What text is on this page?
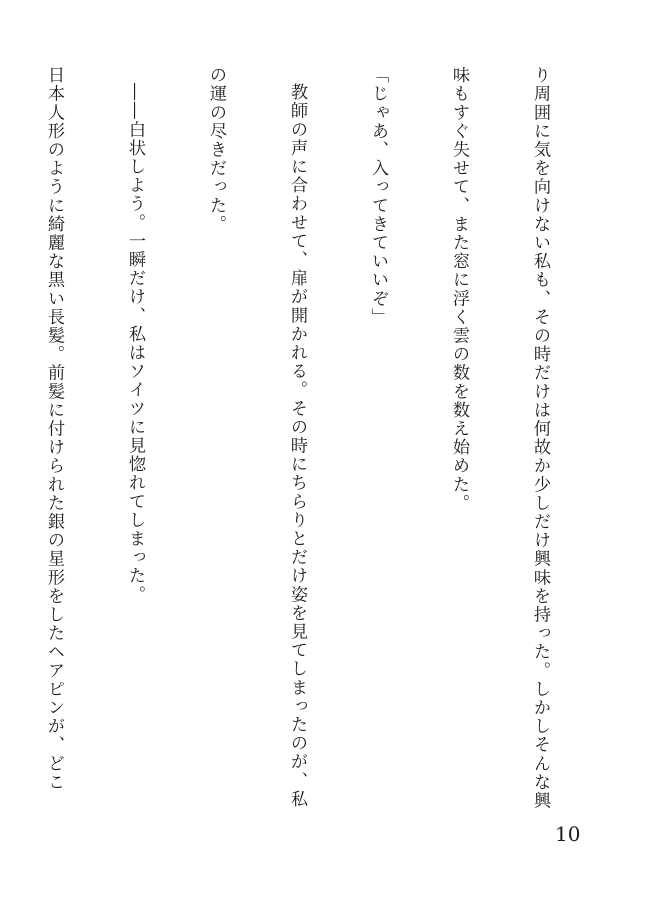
り周囲に気を向けない私も、その時だけは何故か少しだけ興味を持った。しかしそんな興

味もすぐ失せて、また窓に浮く雲の数を数え始めた。

「じゃあ、入ってきていいぞ」

教師の声に合わせて、扉が開かれる。その時にちらりとだけ姿を見てしまったのが、私

の運の尽きだった。

――白状しよう。一瞬だけ、私はソイツに見惚れてしまった。

日本人形のように綺麗な黒い長髪。前髪に付けられた銀の星形をしたヘアピンが、どこ

10
